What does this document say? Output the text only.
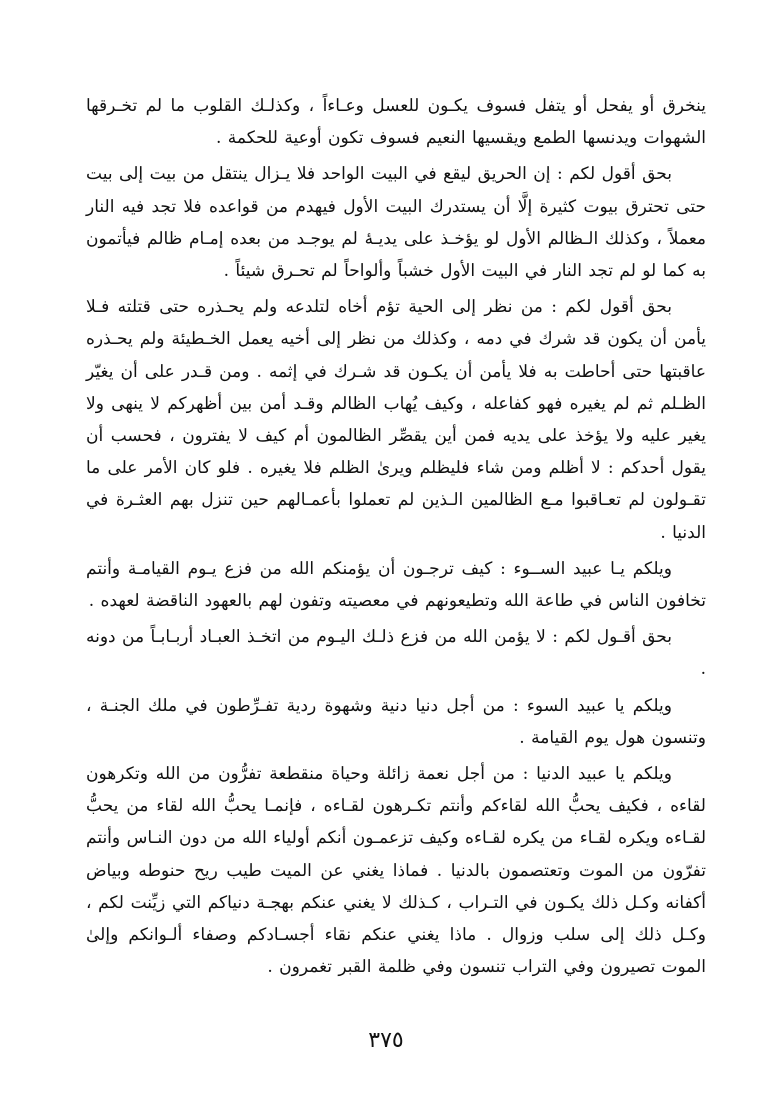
ينخرق أو يفحل أو يتفل فسوف يكـون للعسل وعـاءاً ، وكذلـك القلوب ما لم تخـرقها الشهوات ويدنسها الطمع ويقسيها النعيم فسوف تكون أوعية للحكمة .

بحق أقول لكم : إن الحريق ليقع في البيت الواحد فلا يـزال ينتقل من بيت إلى بيت حتى تحترق بيوت كثيرة إلَّا أن يستدرك البيت الأول فيهدم من قواعده فلا تجد فيه النار معملاً ، وكذلك الـظالم الأول لو يؤخـذ على يديـهٔ لم يوجـد من بعده إمـام ظالم فيأتمون به كما لو لم تجد النار في البيت الأول خشباً وألواحاً لم تحـرق شيئاً .

بحق أقول لكم : من نظر إلى الحية تؤم أخاه لتلدعه ولم يحـذره حتى قتلته فـلا يأمن أن يكون قد شرك في دمه ، وكذلك من نظر إلى أخيه يعمل الخـطيئة ولم يحـذره عاقبتها حتى أحاطت به فلا يأمن أن يكـون قد شـرك في إثمه . ومن قـدر على أن يغيّر الظـلم ثم لم يغيره فهو كفاعله ، وكيف يُهاب الظالم وقـد أمن بين أظهركم لا ينهى ولا يغير عليه ولا يؤخذ على يديه فمن أين يقصِّر الظالمون أم كيف لا يفترون ، فحسب أن يقول أحدكم : لا أظلم ومن شاء فليظلم ويرىٰ الظلم فلا يغيره . فلو كان الأمر على ما تقـولون لم تعـاقبوا مـع الظالمين الـذين لم تعملوا بأعمـالهم حين تنزل بهم العثـرة في الدنيا .

ويلكم يـا عبيد الســوء : كيف ترجـون أن يؤمنكم الله من فزع يـوم القيامـة وأنتم تخافون الناس في طاعة الله وتطيعونهم في معصيته وتفون لهم بالعهود الناقضة لعهده .

بحق أقـول لكم : لا يؤمن الله من فزع ذلـك اليـوم من اتخـذ العبـاد أربـابـاً من دونه .

ويلكم يا عبيد السوء : من أجل دنيا دنية وشهوة ردية تفـرِّطون في ملك الجنـة ، وتنسون هول يوم القيامة .

ويلكم يا عبيد الدنيا : من أجل نعمة زائلة وحياة منقطعة تفرُّون من الله وتكرهون لقاءه ، فكيف يحبُّ الله لقاءكم وأنتم تكـرهون لقـاءه ، فإنمـا يحبُّ الله لقاء من يحبُّ لقـاءه ويكره لقـاء من يكره لقـاءه وكيف تزعمـون أنكم أولياء الله من دون النـاس وأنتم تفرّون من الموت وتعتصمون بالدنيا . فماذا يغني عن الميت طيب ريح حنوطه وبياض أكفانه وكـل ذلك يكـون في التـراب ، كـذلك لا يغني عنكم بهجـة دنياكم التي زيِّنت لكم ، وكـل ذلك إلى سلب وزوال . ماذا يغني عنكم نقاء أجسـادكم وصفاء ألـوانكم وإلىٰ الموت تصيرون وفي التراب تنسون وفي ظلمة القبر تغمرون .

٣٧٥
